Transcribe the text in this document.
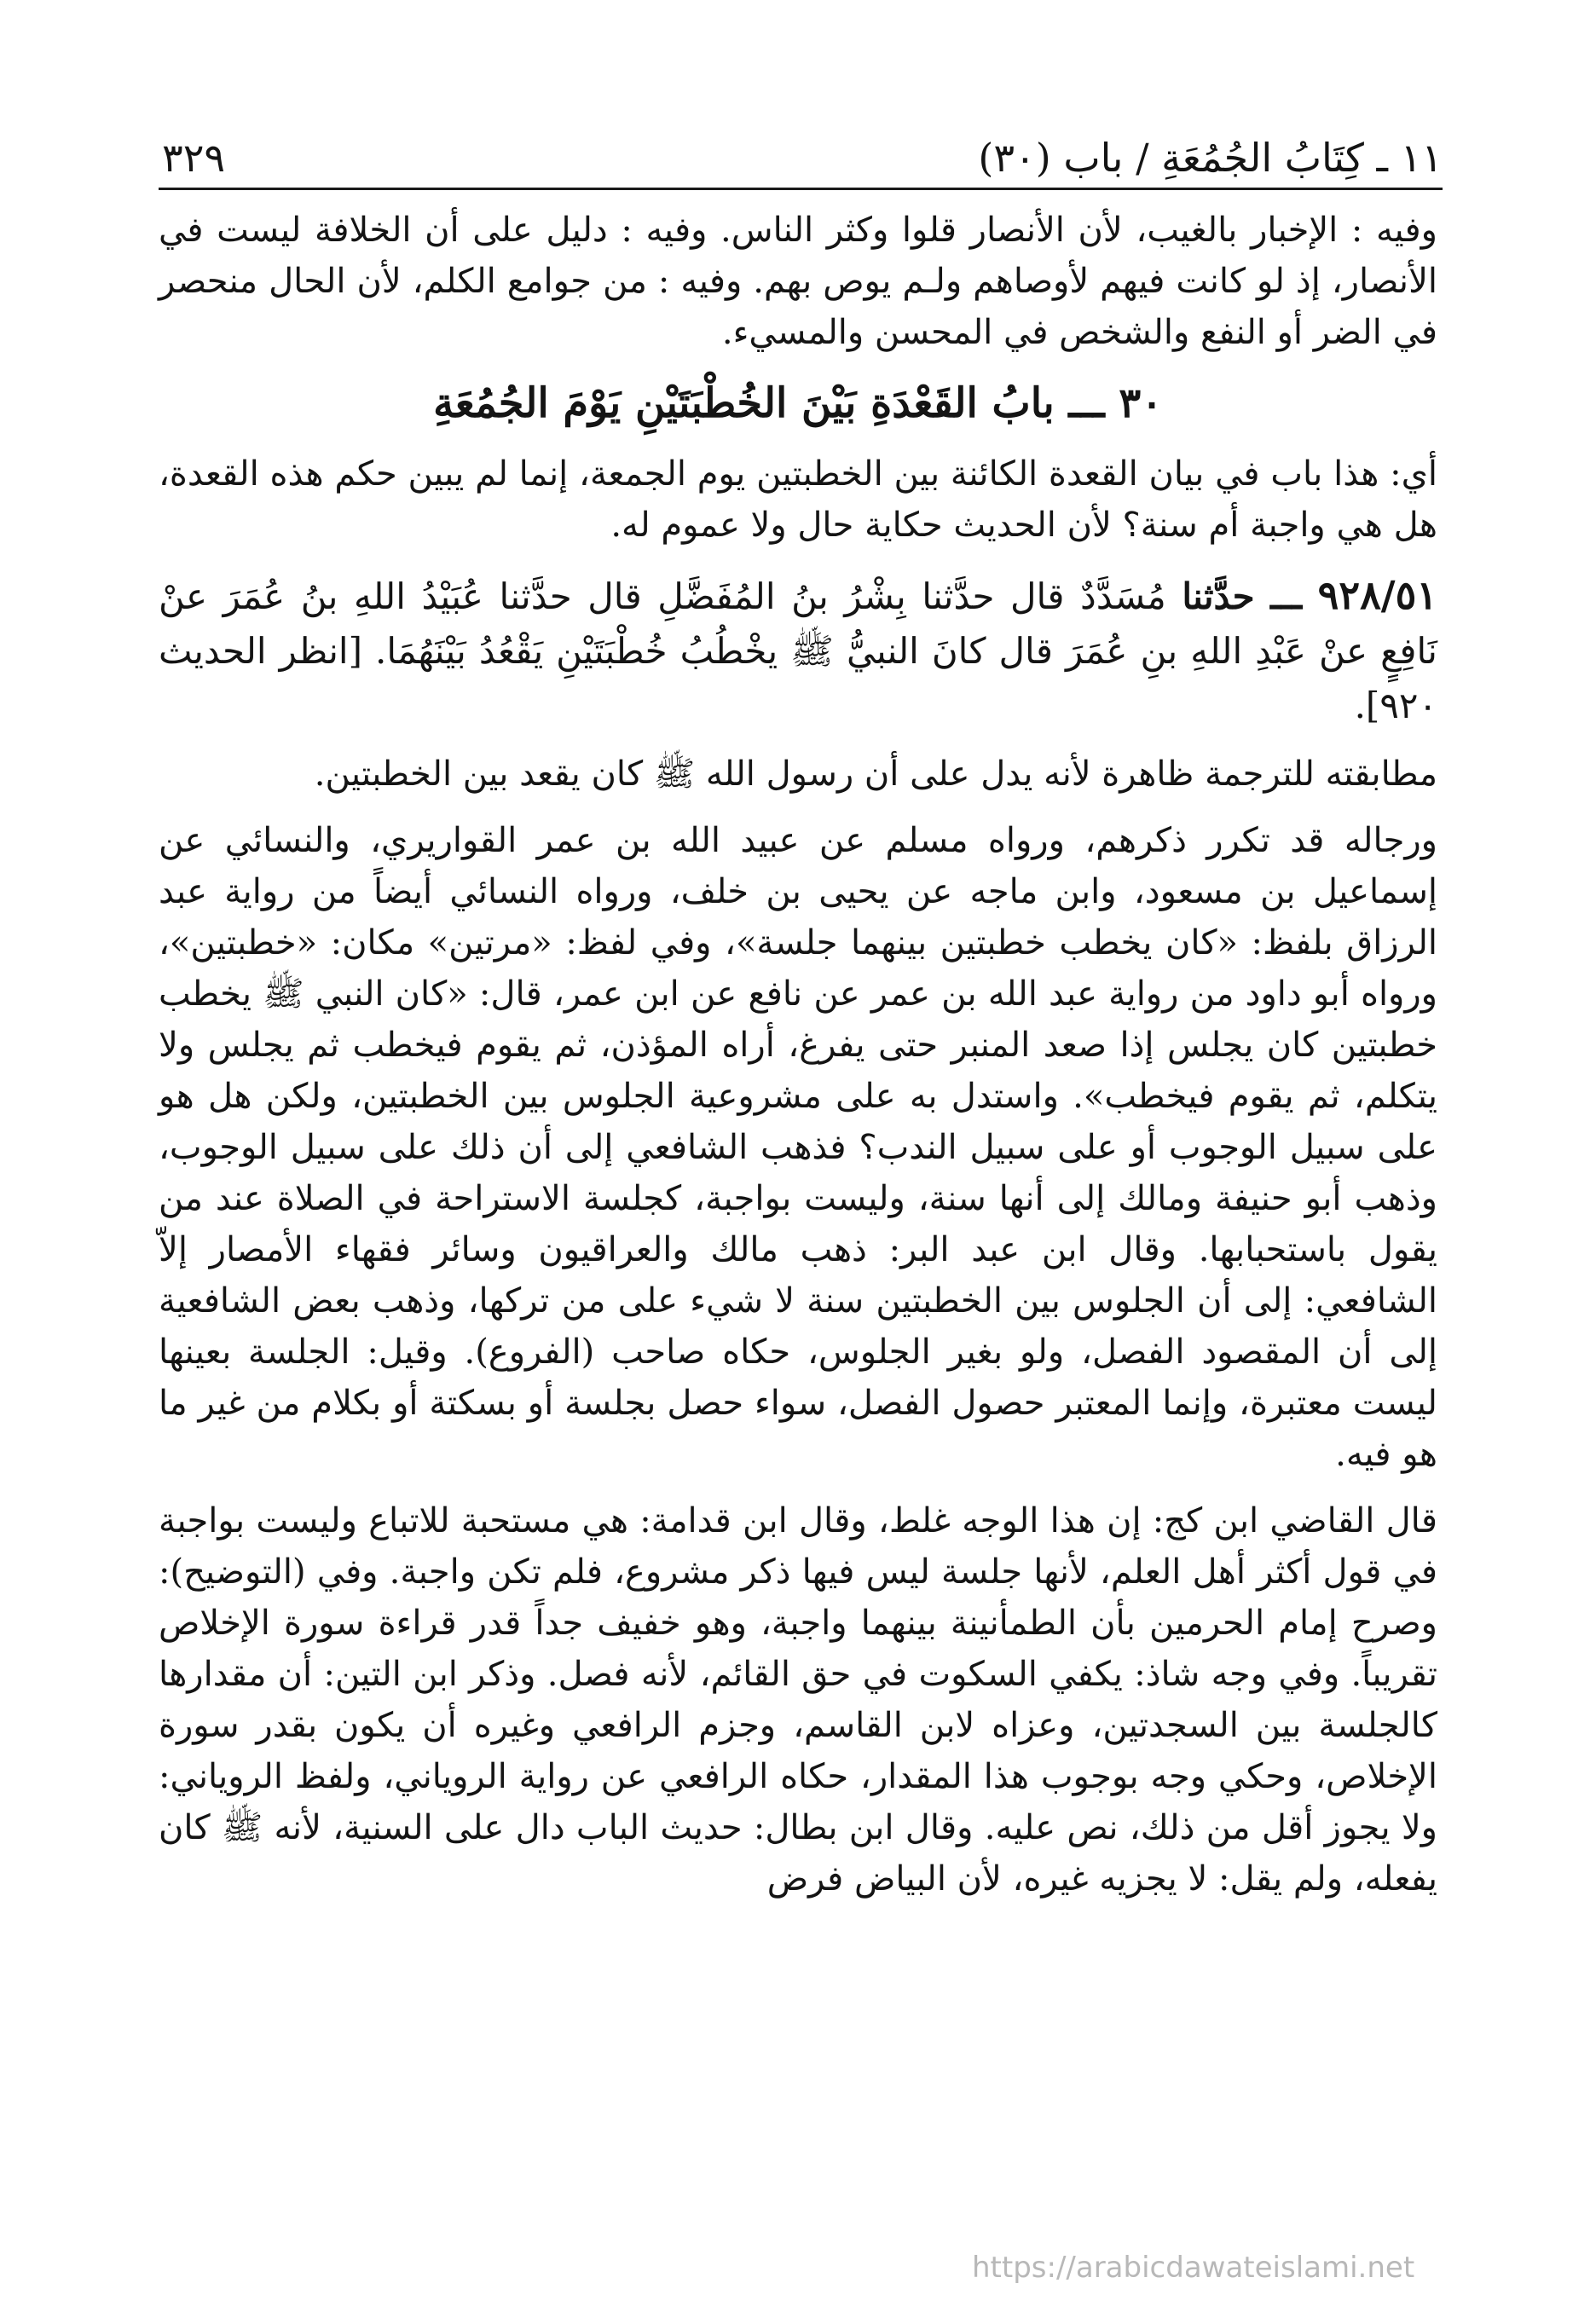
١١ ـ كِتَابُ الجُمُعَةِ / باب (٣٠)
٣٢٩

وفيه : الإخبار بالغيب، لأن الأنصار قلوا وكثر الناس. وفيه : دليل على أن الخلافة ليست في الأنصار، إذ لو كانت فيهم لأوصاهم ولـم يوص بهم. وفيه : من جوامع الكلم، لأن الحال منحصر في الضر أو النفع والشخص في المحسن والمسيء.

٣٠ ـــ بابُ القَعْدَةِ بَيْنَ الخُطْبَتَيْنِ يَوْمَ الجُمُعَةِ

أي: هذا باب في بيان القعدة الكائنة بين الخطبتين يوم الجمعة، إنما لم يبين حكم هذه القعدة، هل هي واجبة أم سنة؟ لأن الحديث حكاية حال ولا عموم له.

٩٢٨/٥١ ـــ حدَّثنا مُسَدَّدٌ قال حدَّثنا بِشْرُ بنُ المُفَضَّلِ قال حدَّثنا عُبَيْدُ اللهِ بنُ عُمَرَ عنْ نَافِعٍ عنْ عَبْدِ اللهِ بنِ عُمَرَ قال كانَ النبيُّ ﷺ يخْطُبُ خُطْبَتَيْنِ يَقْعُدُ بَيْنَهُمَا. [انظر الحديث ٩٢٠].

مطابقته للترجمة ظاهرة لأنه يدل على أن رسول الله ﷺ كان يقعد بين الخطبتين.

ورجاله قد تكرر ذكرهم، ورواه مسلم عن عبيد الله بن عمر القواريري، والنسائي عن إسماعيل بن مسعود، وابن ماجه عن يحيى بن خلف، ورواه النسائي أيضاً من رواية عبد الرزاق بلفظ: «كان يخطب خطبتين بينهما جلسة»، وفي لفظ: «مرتين» مكان: «خطبتين»، ورواه أبو داود من رواية عبد الله بن عمر عن نافع عن ابن عمر، قال: «كان النبي ﷺ يخطب خطبتين كان يجلس إذا صعد المنبر حتى يفرغ، أراه المؤذن، ثم يقوم فيخطب ثم يجلس ولا يتكلم، ثم يقوم فيخطب». واستدل به على مشروعية الجلوس بين الخطبتين، ولكن هل هو على سبيل الوجوب أو على سبيل الندب؟ فذهب الشافعي إلى أن ذلك على سبيل الوجوب، وذهب أبو حنيفة ومالك إلى أنها سنة، وليست بواجبة، كجلسة الاستراحة في الصلاة عند من يقول باستحبابها. وقال ابن عبد البر: ذهب مالك والعراقيون وسائر فقهاء الأمصار إلاّ الشافعي: إلى أن الجلوس بين الخطبتين سنة لا شيء على من تركها، وذهب بعض الشافعية إلى أن المقصود الفصل، ولو بغير الجلوس، حكاه صاحب (الفروع). وقيل: الجلسة بعينها ليست معتبرة، وإنما المعتبر حصول الفصل، سواء حصل بجلسة أو بسكتة أو بكلام من غير ما هو فيه.

قال القاضي ابن كج: إن هذا الوجه غلط، وقال ابن قدامة: هي مستحبة للاتباع وليست بواجبة في قول أكثر أهل العلم، لأنها جلسة ليس فيها ذكر مشروع، فلم تكن واجبة. وفي (التوضيح): وصرح إمام الحرمين بأن الطمأنينة بينهما واجبة، وهو خفيف جداً قدر قراءة سورة الإخلاص تقريباً. وفي وجه شاذ: يكفي السكوت في حق القائم، لأنه فصل. وذكر ابن التين: أن مقدارها كالجلسة بين السجدتين، وعزاه لابن القاسم، وجزم الرافعي وغيره أن يكون بقدر سورة الإخلاص، وحكي وجه بوجوب هذا المقدار، حكاه الرافعي عن رواية الروياني، ولفظ الروياني: ولا يجوز أقل من ذلك، نص عليه. وقال ابن بطال: حديث الباب دال على السنية، لأنه ﷺ كان يفعله، ولم يقل: لا يجزيه غيره، لأن البياض فرض

https://arabicdawateislami.net
